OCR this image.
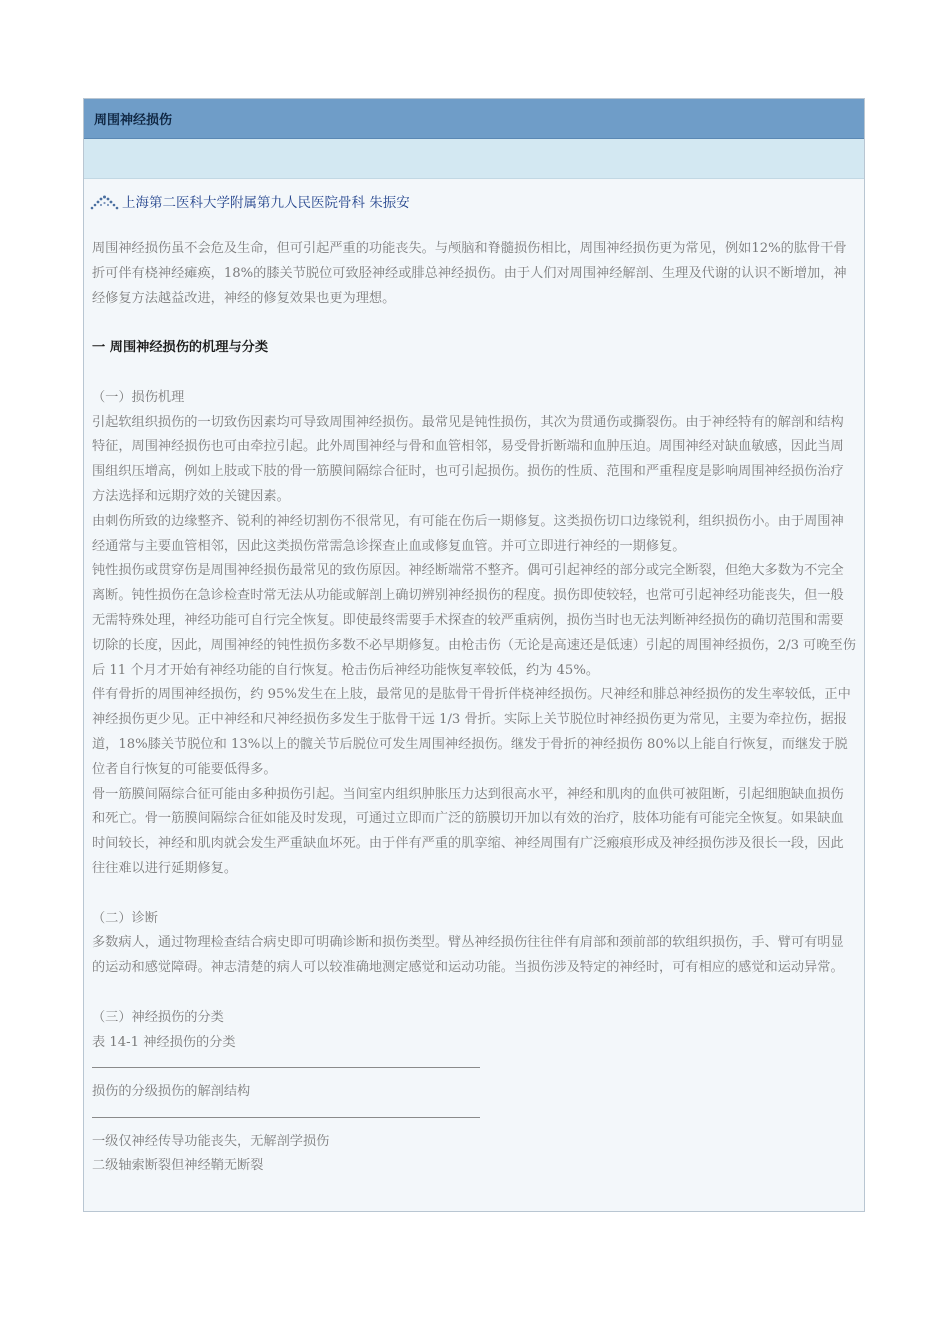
周围神经损伤
上海第二医科大学附属第九人民医院骨科 朱振安

周围神经损伤虽不会危及生命，但可引起严重的功能丧失。与颅脑和脊髓损伤相比，周围神经损伤更为常见，例如12%的肱骨干骨折可伴有桡神经瘫痪，18%的膝关节脱位可致胫神经或腓总神经损伤。由于人们对周围神经解剖、生理及代谢的认识不断增加，神经修复方法越益改进，神经的修复效果也更为理想。

一 周围神经损伤的机理与分类

（一）损伤机理

引起软组织损伤的一切致伤因素均可导致周围神经损伤。最常见是钝性损伤，其次为贯通伤或撕裂伤。由于神经特有的解剖和结构特征，周围神经损伤也可由牵拉引起。此外周围神经与骨和血管相邻，易受骨折断端和血肿压迫。周围神经对缺血敏感，因此当周围组织压增高，例如上肢或下肢的骨一筋膜间隔综合征时，也可引起损伤。损伤的性质、范围和严重程度是影响周围神经损伤治疗方法选择和远期疗效的关键因素。

由刺伤所致的边缘整齐、锐利的神经切割伤不很常见，有可能在伤后一期修复。这类损伤切口边缘锐利，组织损伤小。由于周围神经通常与主要血管相邻，因此这类损伤常需急诊探查止血或修复血管。并可立即进行神经的一期修复。

钝性损伤或贯穿伤是周围神经损伤最常见的致伤原因。神经断端常不整齐。偶可引起神经的部分或完全断裂，但绝大多数为不完全离断。钝性损伤在急诊检查时常无法从功能或解剖上确切辨别神经损伤的程度。损伤即使较轻，也常可引起神经功能丧失，但一般无需特殊处理，神经功能可自行完全恢复。即使最终需要手术探查的较严重病例，损伤当时也无法判断神经损伤的确切范围和需要切除的长度，因此，周围神经的钝性损伤多数不必早期修复。由枪击伤（无论是高速还是低速）引起的周围神经损伤，2/3 可晚至伤后 11 个月才开始有神经功能的自行恢复。枪击伤后神经功能恢复率较低，约为 45%。

伴有骨折的周围神经损伤，约 95%发生在上肢，最常见的是肱骨干骨折伴桡神经损伤。尺神经和腓总神经损伤的发生率较低，正中神经损伤更少见。正中神经和尺神经损伤多发生于肱骨干远 1/3 骨折。实际上关节脱位时神经损伤更为常见，主要为牵拉伤，据报道，18%膝关节脱位和 13%以上的髋关节后脱位可发生周围神经损伤。继发于骨折的神经损伤 80%以上能自行恢复，而继发于脱位者自行恢复的可能要低得多。

骨一筋膜间隔综合征可能由多种损伤引起。当间室内组织肿胀压力达到很高水平，神经和肌肉的血供可被阻断，引起细胞缺血损伤和死亡。骨一筋膜间隔综合征如能及时发现，可通过立即而广泛的筋膜切开加以有效的治疗，肢体功能有可能完全恢复。如果缺血时间较长，神经和肌肉就会发生严重缺血坏死。由于伴有严重的肌挛缩、神经周围有广泛瘢痕形成及神经损伤涉及很长一段，因此往往难以进行延期修复。

（二）诊断

多数病人，通过物理检查结合病史即可明确诊断和损伤类型。臂丛神经损伤往往伴有肩部和颈前部的软组织损伤，手、臂可有明显的运动和感觉障碍。神志清楚的病人可以较准确地测定感觉和运动功能。当损伤涉及特定的神经时，可有相应的感觉和运动异常。

（三）神经损伤的分类

表 14-1 神经损伤的分类

损伤的分级损伤的解剖结构

一级仅神经传导功能丧失，无解剖学损伤

二级轴索断裂但神经鞘无断裂
